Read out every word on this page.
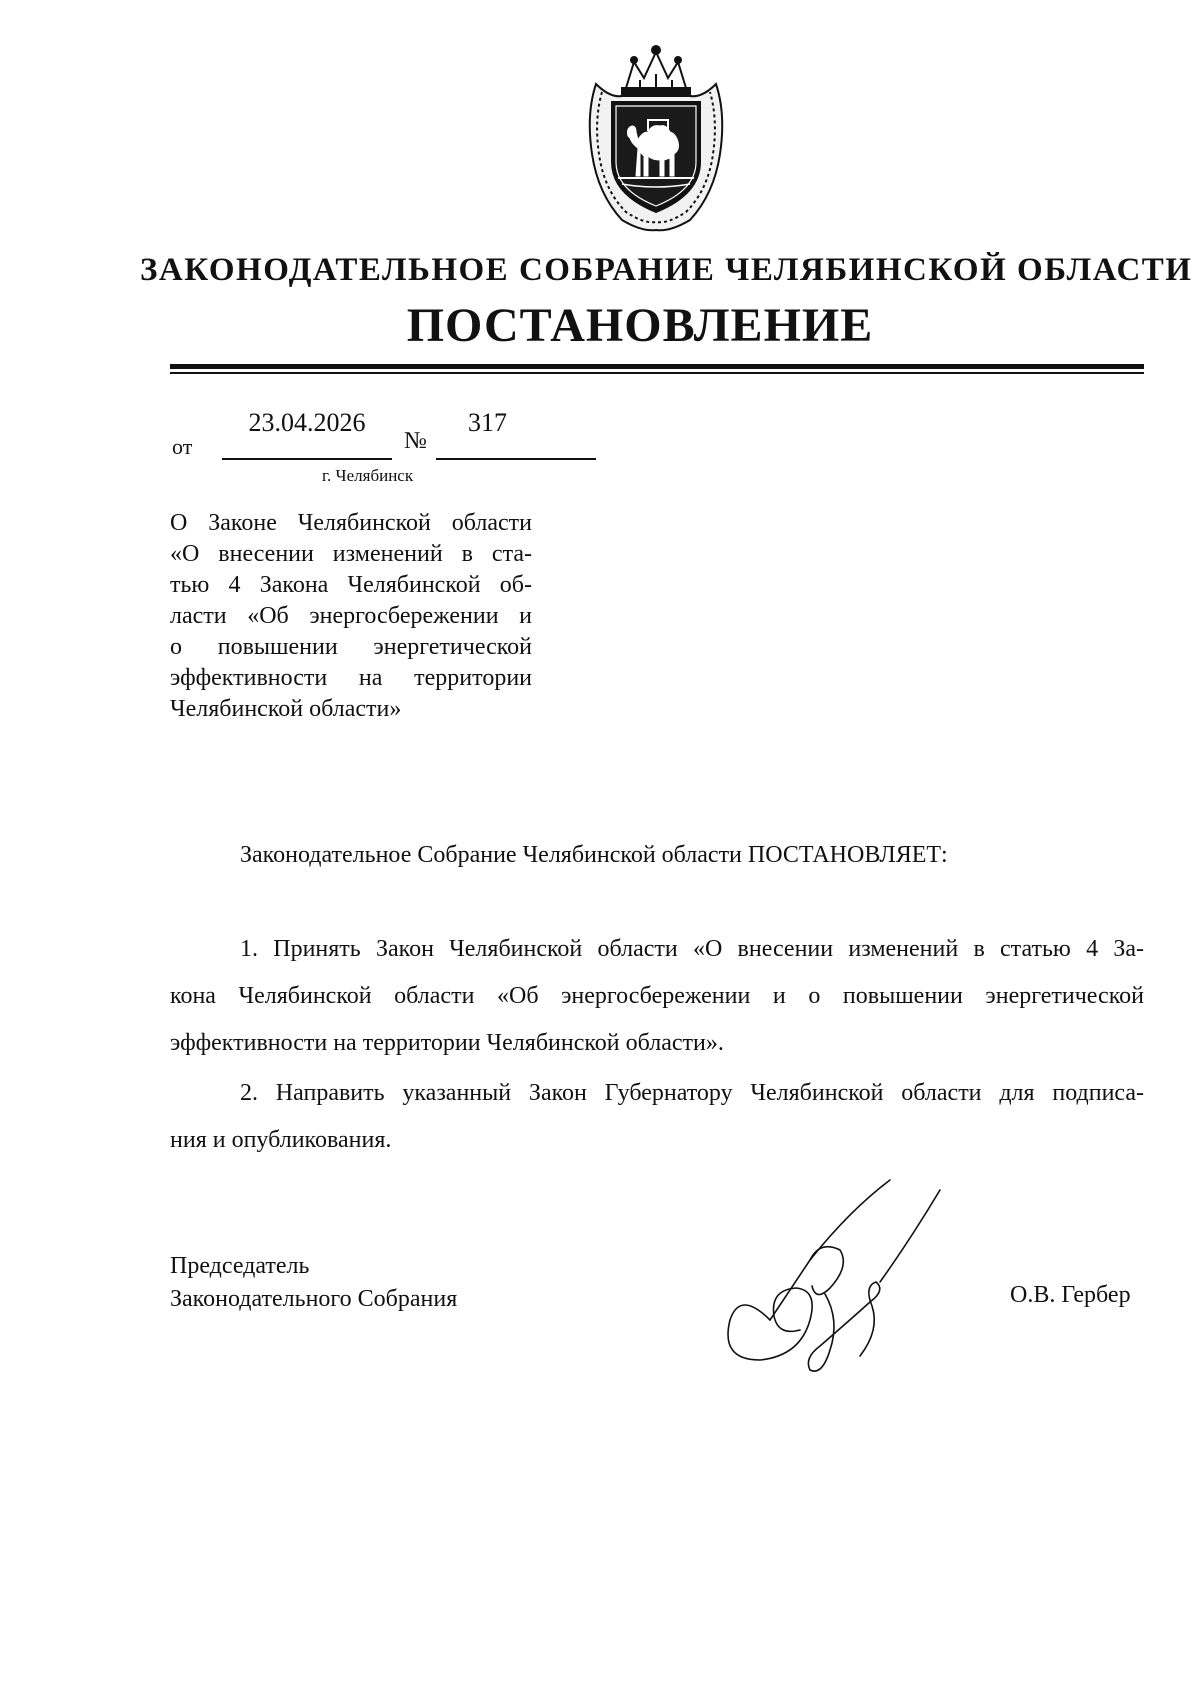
ЗАКОНОДАТЕЛЬНОЕ СОБРАНИЕ ЧЕЛЯБИНСКОЙ ОБЛАСТИ
ПОСТАНОВЛЕНИЕ
от
23.04.2026
№
317
г. Челябинск
О Законе Челябинской области
«О внесении изменений в ста-
тью 4 Закона Челябинской об-
ласти «Об энергосбережении и
о повышении энергетической
эффективности на территории
Челябинской области»
Законодательное Собрание Челябинской области ПОСТАНОВЛЯЕТ:
1. Принять Закон Челябинской области «О внесении изменений в статью 4 За-
кона Челябинской области «Об энергосбережении и о повышении энергетической
эффективности на территории Челябинской области».
2. Направить указанный Закон Губернатору Челябинской области для подписа-
ния и опубликования.
Председатель
Законодательного Собрания	О.В. Гербер
